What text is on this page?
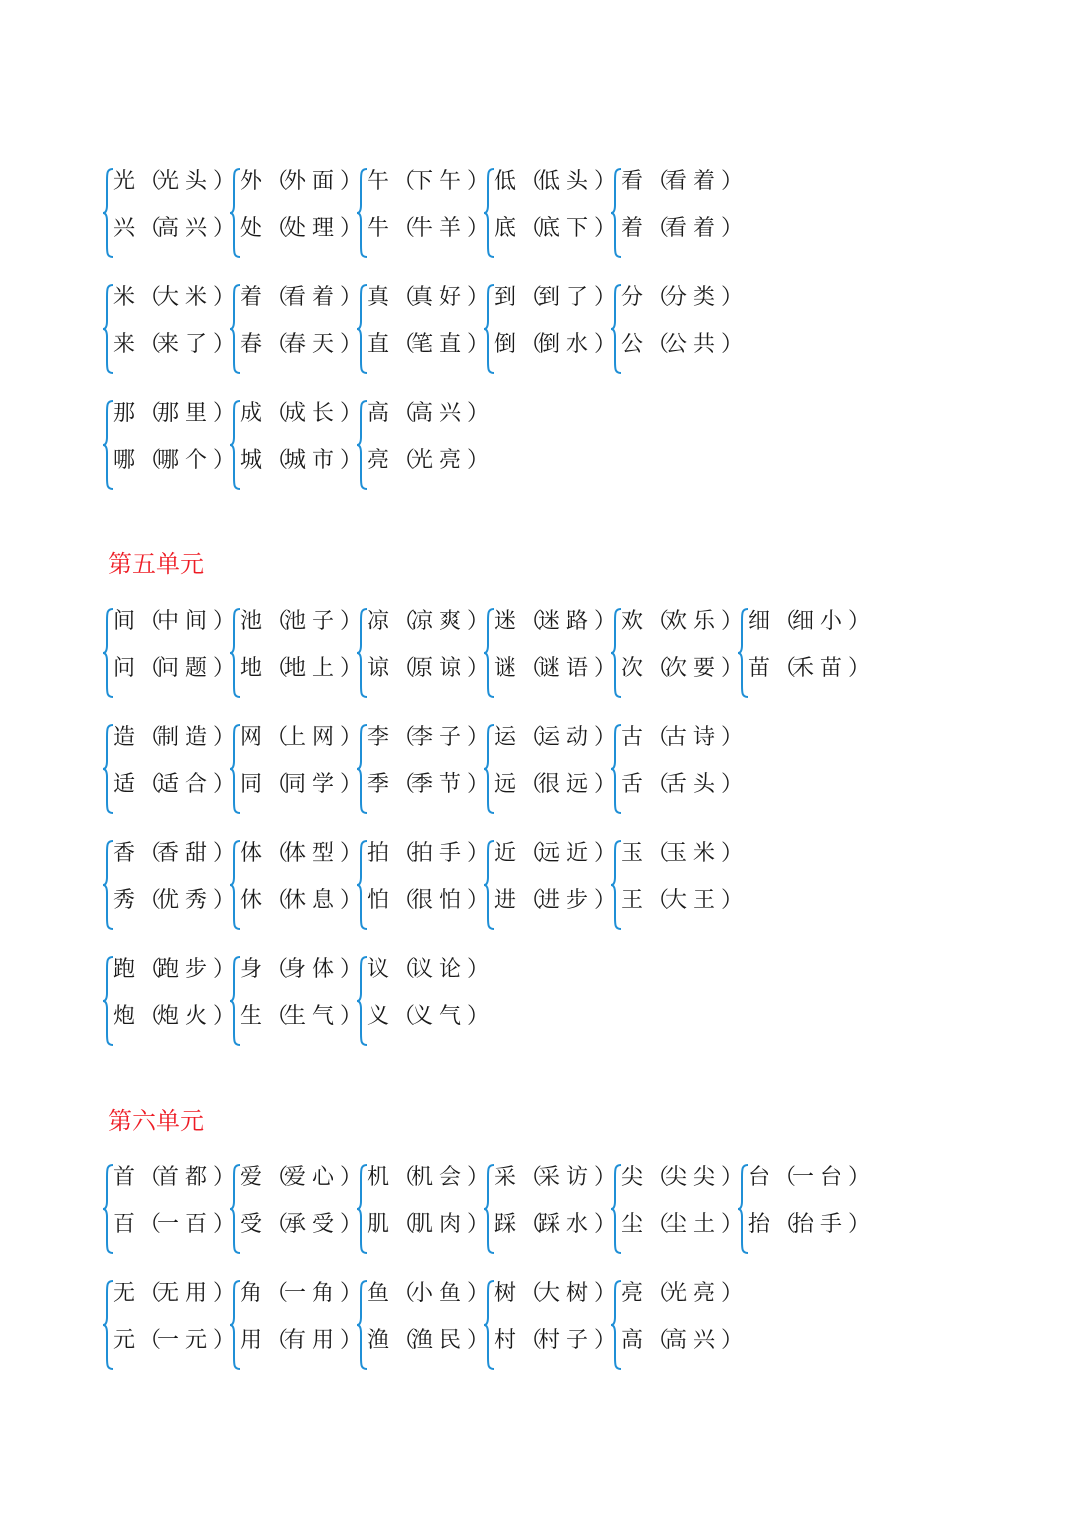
光 （光头）
兴 （高兴）
外 （外面）
处 （处理）
午 （下午）
牛 （牛羊）
低 （低头）
底 （底下）
看 （看着）
着 （看着）
米 （大米）
来 （来了）
着 （看着）
春 （春天）
真 （真好）
直 （笔直）
到 （到了）
倒 （倒水）
分 （分类）
公 （公共）
那 （那里）
哪 （哪个）
成 （成长）
城 （城市）
高 （高兴）
亮 （光亮）
第五单元
间 （中间）
问 （问题）
池 （池子）
地 （地上）
凉 （凉爽）
谅 （原谅）
迷 （迷路）
谜 （谜语）
欢 （欢乐）
次 （次要）
细 （细小）
苗 （禾苗）
造 （制造）
适 （适合）
网 （上网）
同 （同学）
李 （李子）
季 （季节）
运 （运动）
远 （很远）
古 （古诗）
舌 （舌头）
香 （香甜）
秀 （优秀）
体 （体型）
休 （休息）
拍 （拍手）
怕 （很怕）
近 （远近）
进 （进步）
玉 （玉米）
王 （大王）
跑 （跑步）
炮 （炮火）
身 （身体）
生 （生气）
议 （议论）
义 （义气）
第六单元
首 （首都）
百 （一百）
爱 （爱心）
受 （承受）
机 （机会）
肌 （肌肉）
采 （采访）
踩 （踩水）
尖 （尖尖）
尘 （尘土）
台 （一台）
抬 （抬手）
无 （无用）
元 （一元）
角 （一角）
用 （有用）
鱼 （小鱼）
渔 （渔民）
树 （大树）
村 （村子）
亮 （光亮）
高 （高兴）
